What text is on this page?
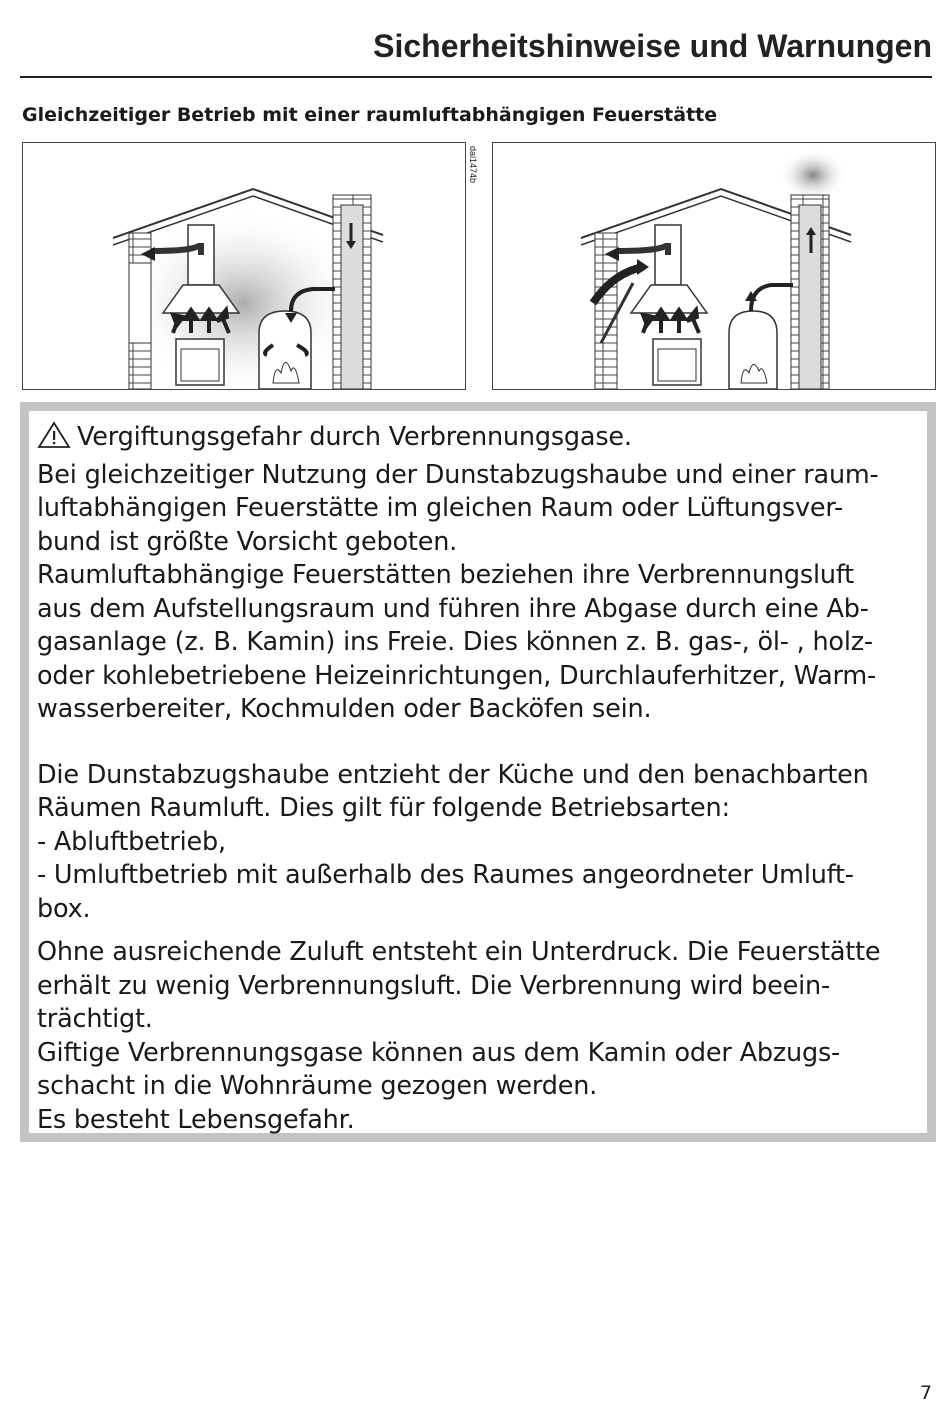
Sicherheitshinweise und Warnungen
Gleichzeitiger Betrieb mit einer raumluftabhängigen Feuerstätte
dai1474b

Vergiftungsgefahr durch Verbrennungsgase.

Bei gleichzeitiger Nutzung der Dunstabzugshaube und einer raum-
luftabhängigen Feuerstätte im gleichen Raum oder Lüftungsver-
bund ist größte Vorsicht geboten.
Raumluftabhängige Feuerstätten beziehen ihre Verbrennungsluft
aus dem Aufstellungsraum und führen ihre Abgase durch eine Ab-
gasanlage (z. B. Kamin) ins Freie. Dies können z. B. gas-, öl- , holz-
oder kohlebetriebene Heizeinrichtungen, Durchlauferhitzer, Warm-
wasserbereiter, Kochmulden oder Backöfen sein.

Die Dunstabzugshaube entzieht der Küche und den benachbarten
Räumen Raumluft. Dies gilt für folgende Betriebsarten:
- Abluftbetrieb,
- Umluftbetrieb mit außerhalb des Raumes angeordneter Umluft-
box.

Ohne ausreichende Zuluft entsteht ein Unterdruck. Die Feuerstätte
erhält zu wenig Verbrennungsluft. Die Verbrennung wird beein-
trächtigt.
Giftige Verbrennungsgase können aus dem Kamin oder Abzugs-
schacht in die Wohnräume gezogen werden.
Es besteht Lebensgefahr.

7
